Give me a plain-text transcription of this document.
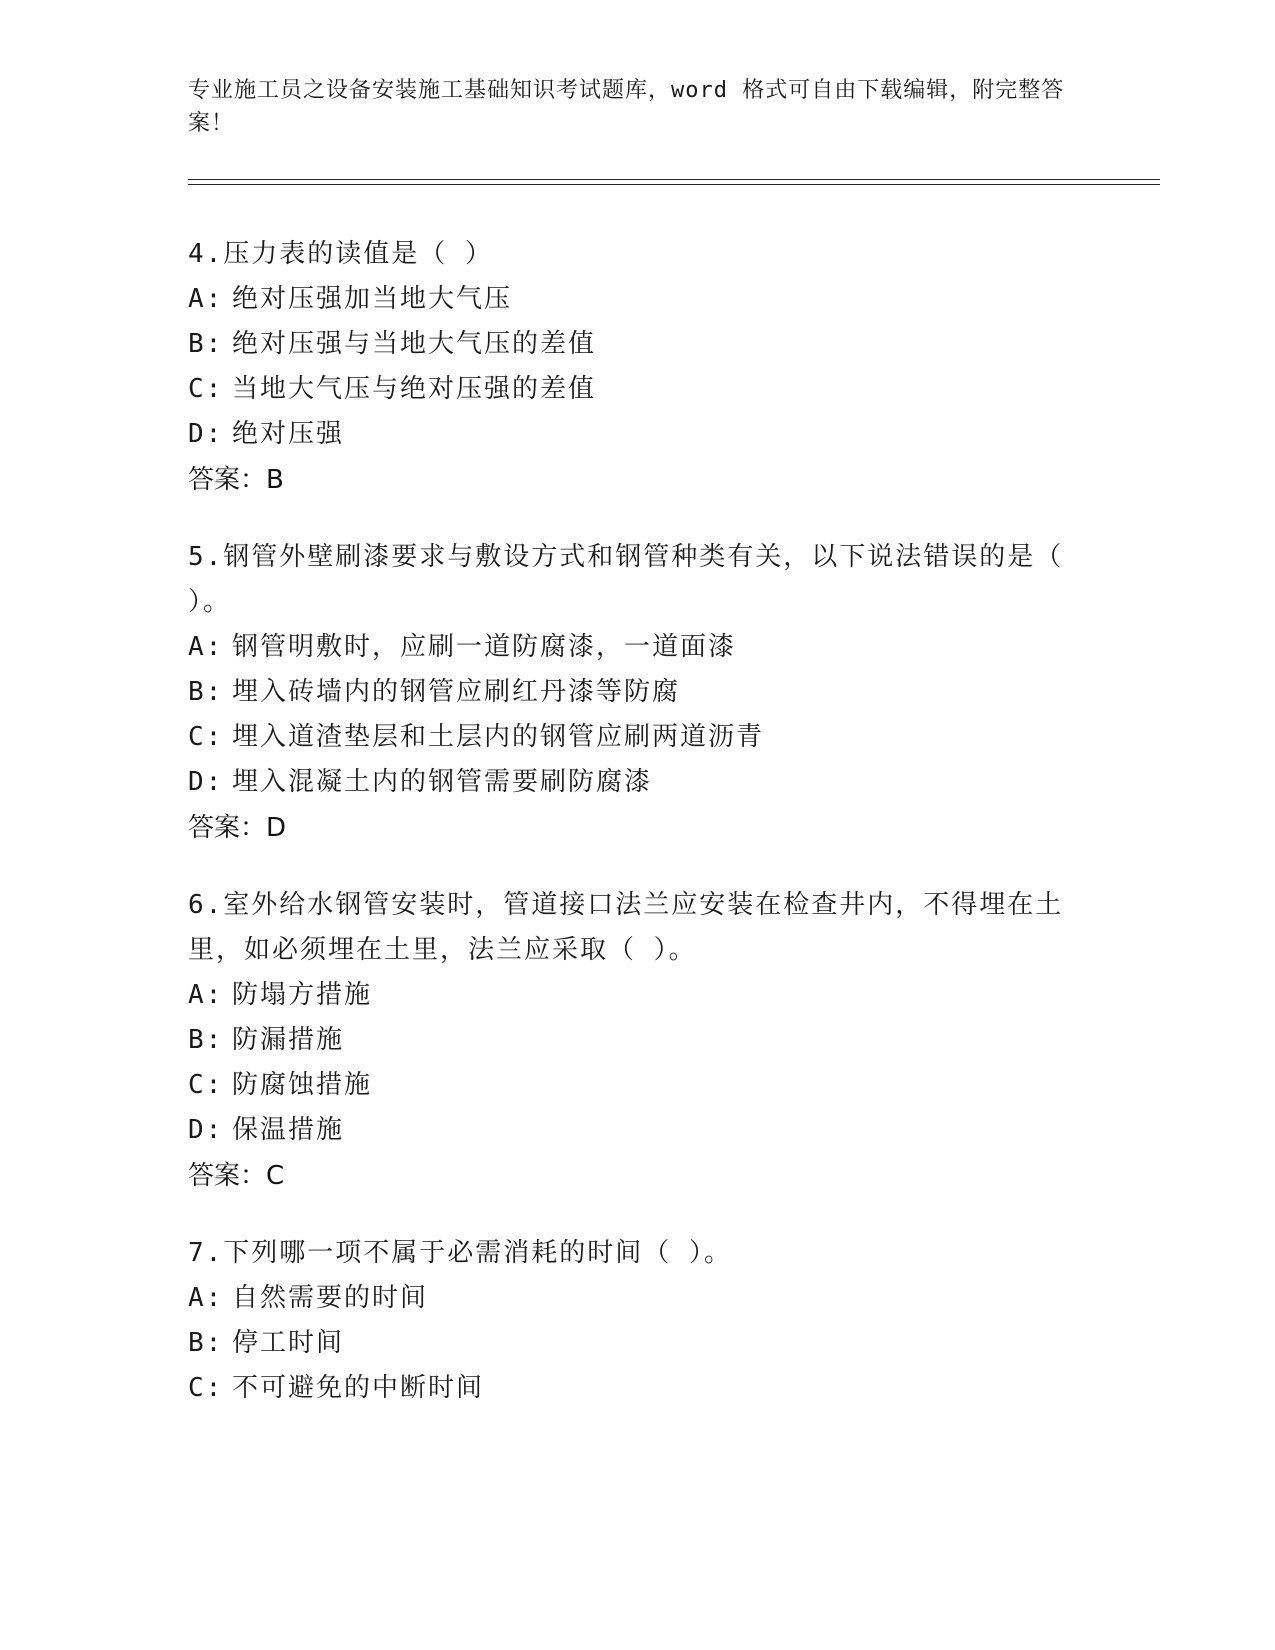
专业施工员之设备安装施工基础知识考试题库，word 格式可自由下载编辑，附完整答案！
4.压力表的读值是（ ）
A: 绝对压强加当地大气压
B: 绝对压强与当地大气压的差值
C: 当地大气压与绝对压强的差值
D: 绝对压强
答案：B
5.钢管外壁刷漆要求与敷设方式和钢管种类有关，以下说法错误的是（ ）。
A: 钢管明敷时，应刷一道防腐漆，一道面漆
B: 埋入砖墙内的钢管应刷红丹漆等防腐
C: 埋入道渣垫层和土层内的钢管应刷两道沥青
D: 埋入混凝土内的钢管需要刷防腐漆
答案：D
6.室外给水钢管安装时，管道接口法兰应安装在检查井内，不得埋在土里，如必须埋在土里，法兰应采取（ ）。
A: 防塌方措施
B: 防漏措施
C: 防腐蚀措施
D: 保温措施
答案：C
7.下列哪一项不属于必需消耗的时间（ ）。
A: 自然需要的时间
B: 停工时间
C: 不可避免的中断时间
